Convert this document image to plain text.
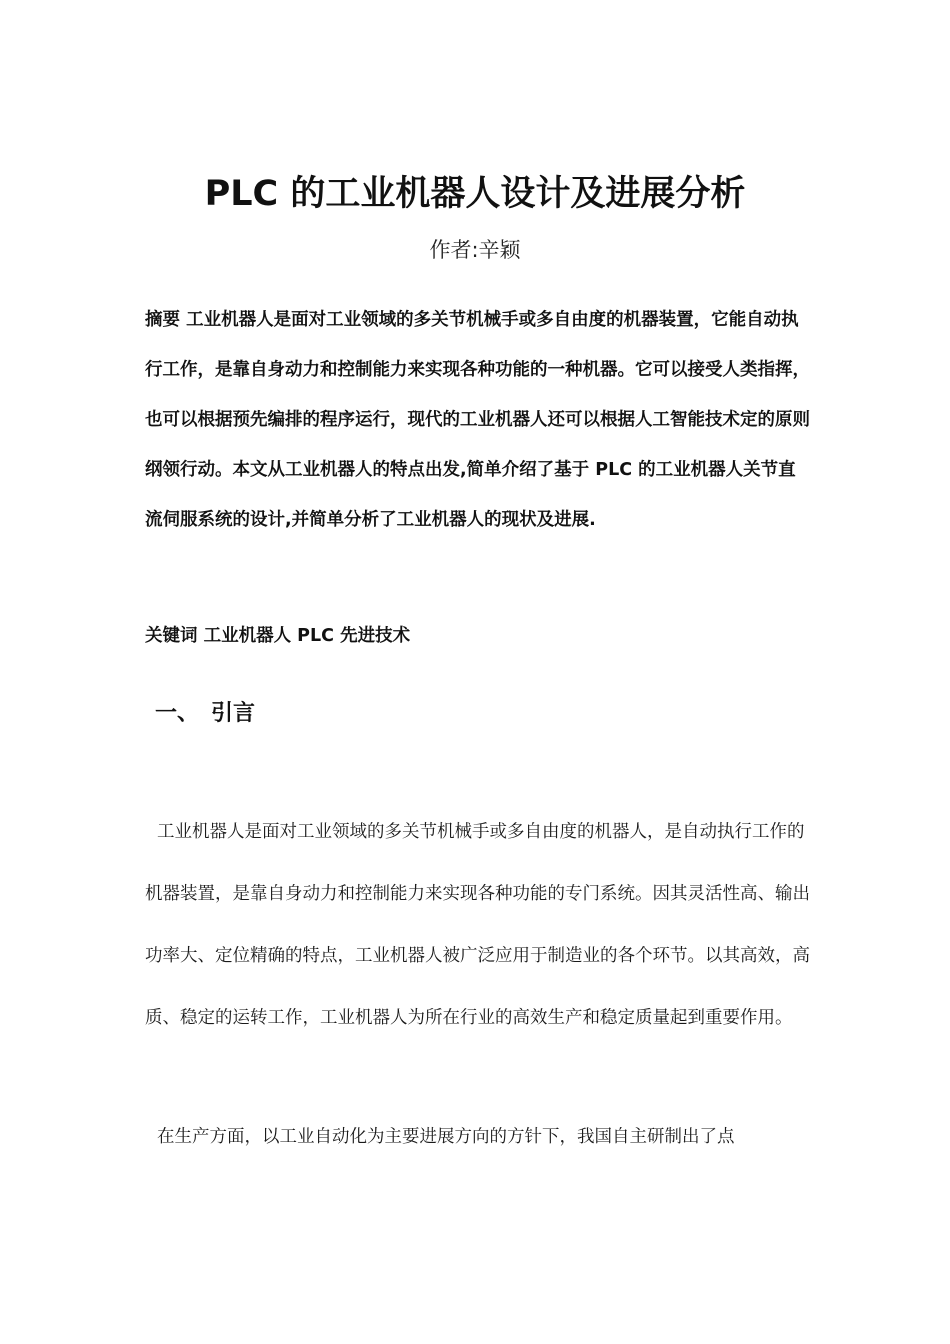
PLC 的工业机器人设计及进展分析
作者:辛颖

摘要 工业机器人是面对工业领域的多关节机械手或多自由度的机器装置，它能自动执行工作，是靠自身动力和控制能力来实现各种功能的一种机器。它可以接受人类指挥，也可以根据预先编排的程序运行，现代的工业机器人还可以根据人工智能技术定的原则纲领行动。本文从工业机器人的特点出发,简单介绍了基于 PLC 的工业机器人关节直流伺服系统的设计,并简单分析了工业机器人的现状及进展.

关键词 工业机器人 PLC 先进技术

一、 引言

工业机器人是面对工业领域的多关节机械手或多自由度的机器人，是自动执行工作的机器装置，是靠自身动力和控制能力来实现各种功能的专门系统。因其灵活性高、输出功率大、定位精确的特点，工业机器人被广泛应用于制造业的各个环节。以其高效，高质、稳定的运转工作，工业机器人为所在行业的高效生产和稳定质量起到重要作用。

在生产方面，以工业自动化为主要进展方向的方针下，我国自主研制出了点
